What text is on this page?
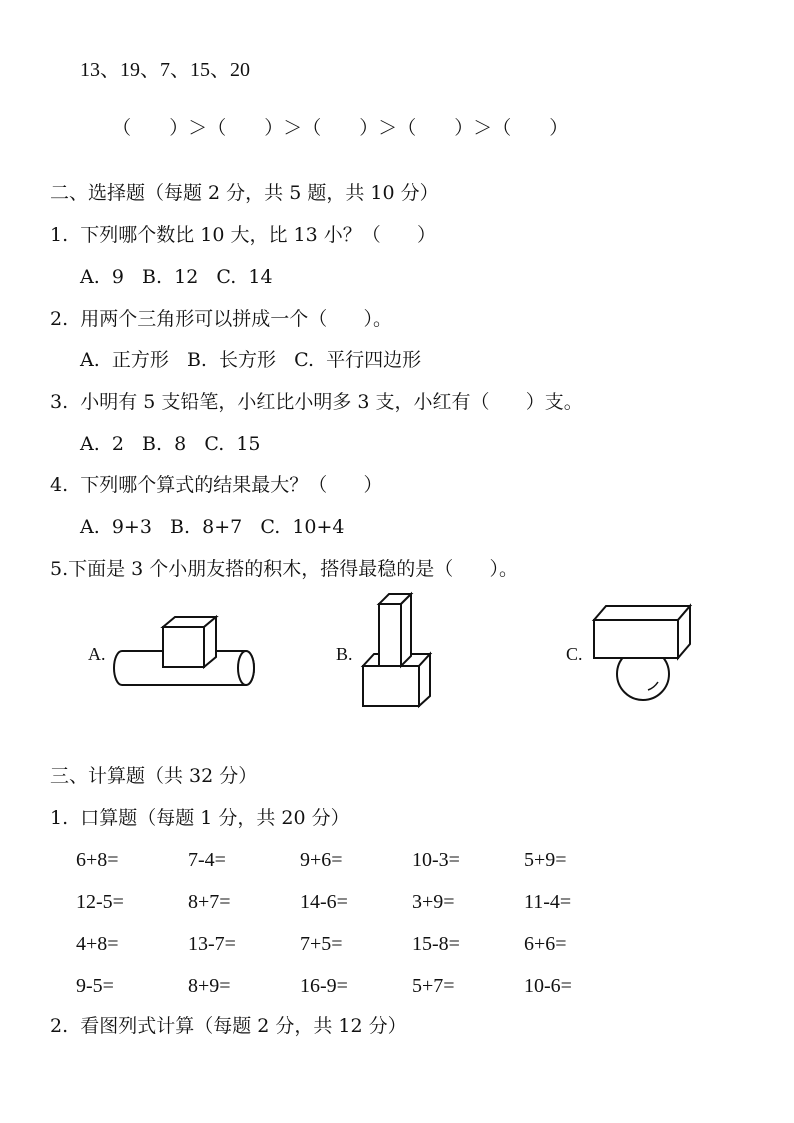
13、19、7、15、20

（ ）＞（ ）＞（ ）＞（ ）＞（ ）

二、选择题（每题 2 分，共 5 题，共 10 分）
1.  下列哪个数比 10 大，比 13 小？（      ）
A.  9   B.  12   C.  14
2.  用两个三角形可以拼成一个（      ）。
A.  正方形   B.  长方形   C.  平行四边形
3.  小明有 5 支铅笔，小红比小明多 3 支，小红有（      ）支。
A.  2   B.  8   C.  15
4.  下列哪个算式的结果最大？（      ）
A.  9+3   B.  8+7   C.  10+4
5.下面是 3 个小朋友搭的积木，搭得最稳的是（      ）。
A.	B.	C.
三、计算题（共 32 分）
1.  口算题（每题 1 分，共 20 分）
6+8=	7-4=	9+6=	10-3=	5+9=
12-5=	8+7=	14-6=	3+9=	11-4=
4+8=	13-7=	7+5=	15-8=	6+6=
9-5=	8+9=	16-9=	5+7=	10-6=
2.  看图列式计算（每题 2 分，共 12 分）
